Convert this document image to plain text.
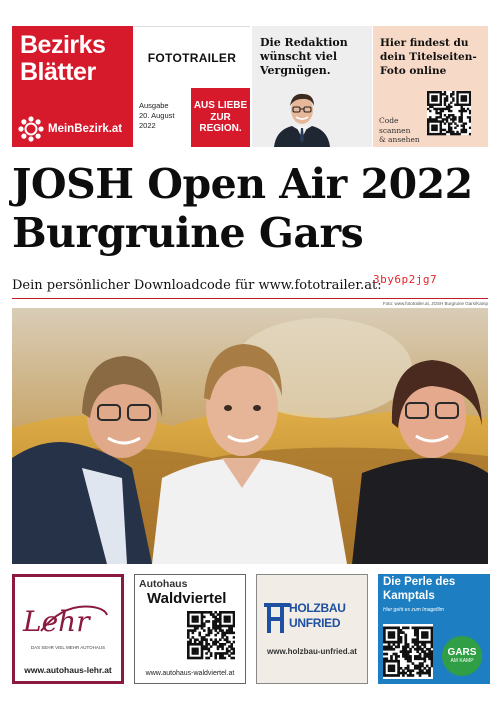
Bezirks
Blätter
MeinBezirk.at
FOTOTRAILER
Ausgabe
20. August
2022
AUS LIEBE
ZUR
REGION.
Die Redaktion
wünscht viel
Vergnügen.
Hier findest du
dein Titelseiten-
Foto online
Code
scannen
& ansehen
JOSH Open Air 2022
Burgruine Gars
Dein persönlicher Downloadcode für www.fototrailer.at:
3by6p2jg7
Foto: www.fototrailer.at, JOSH Burgruine Gars/Kamp
Lehr
DAS SEHR VIEL MEHR AUTOHAUS
www.autohaus-lehr.at
Autohaus
Waldviertel
www.autohaus-waldviertel.at
HOLZBAU
UNFRIED
www.holzbau-unfried.at
Die Perle des
Kamptals
Hier geht es zum Imagefilm
GARS
AM KAMP
